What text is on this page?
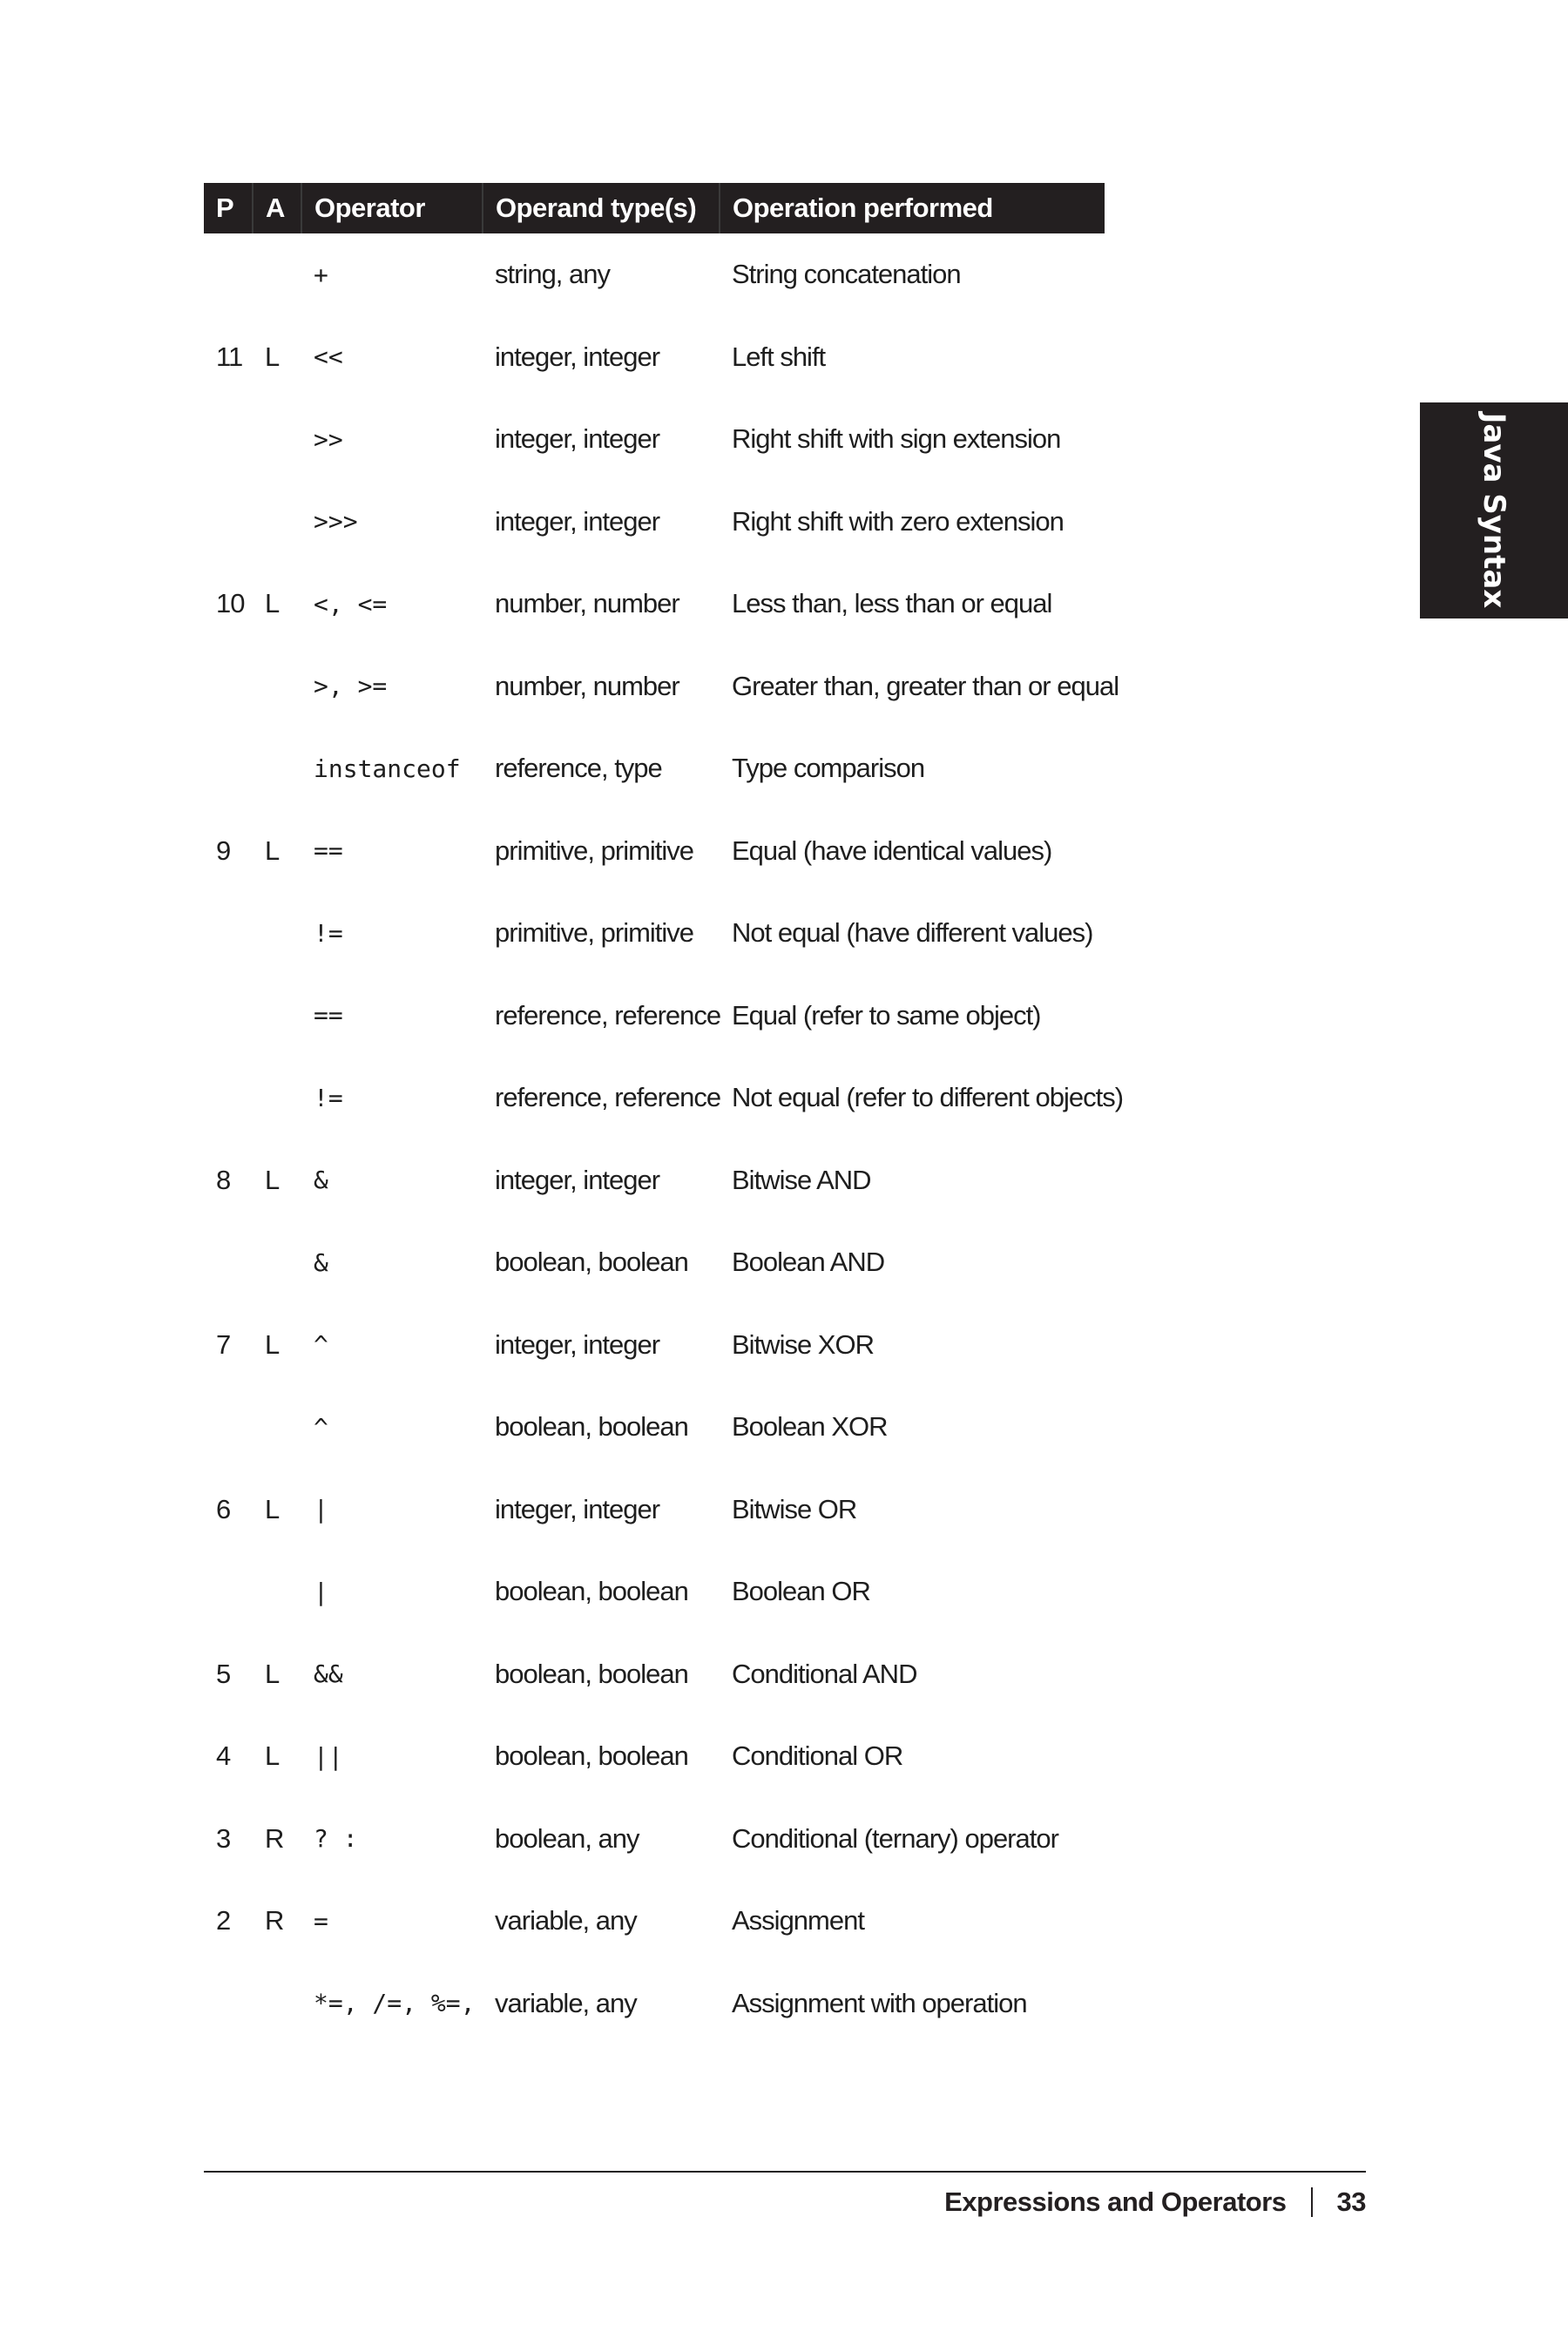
P	A	Operator	Operand type(s)	Operation performed
		+	string, any	String concatenation
11	L	<<	integer, integer	Left shift
		>>	integer, integer	Right shift with sign extension
		>>>	integer, integer	Right shift with zero extension
10	L	<, <=	number, number	Less than, less than or equal
		>, >=	number, number	Greater than, greater than or equal
		instanceof	reference, type	Type comparison
9	L	==	primitive, primitive	Equal (have identical values)
		!=	primitive, primitive	Not equal (have different values)
		==	reference, reference	Equal (refer to same object)
		!=	reference, reference	Not equal (refer to different objects)
8	L	&	integer, integer	Bitwise AND
		&	boolean, boolean	Boolean AND
7	L	^	integer, integer	Bitwise XOR
		^	boolean, boolean	Boolean XOR
6	L	|	integer, integer	Bitwise OR
		|	boolean, boolean	Boolean OR
5	L	&&	boolean, boolean	Conditional AND
4	L	||	boolean, boolean	Conditional OR
3	R	? :	boolean, any	Conditional (ternary) operator
2	R	=	variable, any	Assignment
		*=, /=, %=,	variable, any	Assignment with operation
Java Syntax
Expressions and Operators 33
